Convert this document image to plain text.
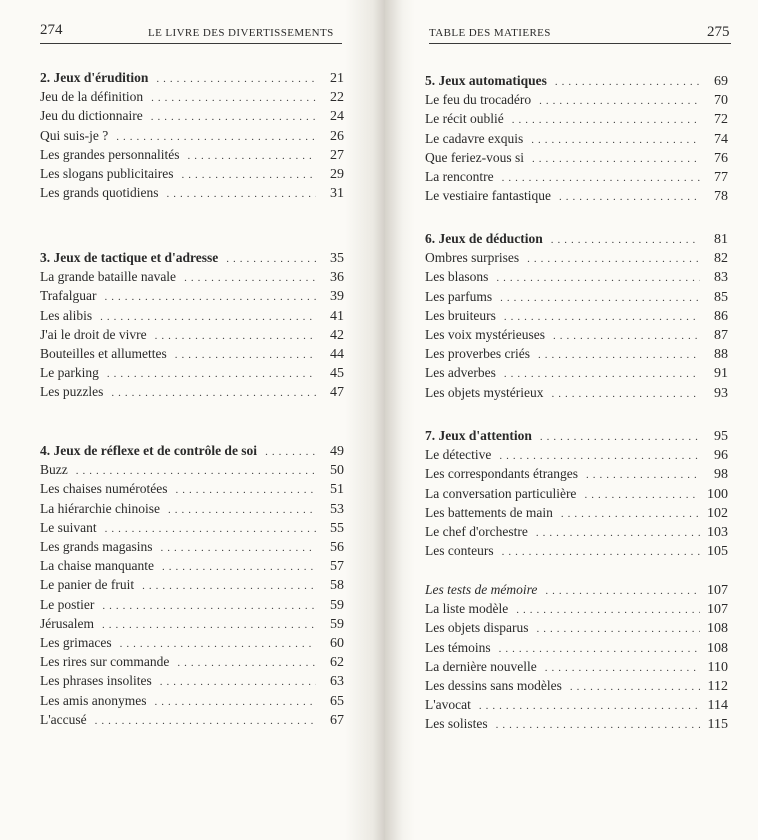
274	LE LIVRE DES DIVERTISSEMENTS
2. Jeux d'érudition .....	21
Jeu de la définition .....	22
Jeu du dictionnaire .....	24
Qui suis-je ? .....	26
Les grandes personnalités .....	27
Les slogans publicitaires .....	29
Les grands quotidiens .....	31
3. Jeux de tactique et d'adresse .....	35
La grande bataille navale .....	36
Trafalguar .....	39
Les alibis .....	41
J'ai le droit de vivre .....	42
Bouteilles et allumettes .....	44
Le parking .....	45
Les puzzles .....	47
4. Jeux de réflexe et de contrôle de soi .....	49
Buzz .....	50
Les chaises numérotées .....	51
La hiérarchie chinoise .....	53
Le suivant .....	55
Les grands magasins .....	56
La chaise manquante .....	57
Le panier de fruit .....	58
Le postier .....	59
Jérusalem .....	59
Les grimaces .....	60
Les rires sur commande .....	62
Les phrases insolites .....	63
Les amis anonymes .....	65
L'accusé .....	67
TABLE DES MATIERES	275
5. Jeux automatiques .....	69
Le feu du trocadéro .....	70
Le récit oublié .....	72
Le cadavre exquis .....	74
Que feriez-vous si .....	76
La rencontre .....	77
Le vestiaire fantastique .....	78
6. Jeux de déduction .....	81
Ombres surprises .....	82
Les blasons .....	83
Les parfums .....	85
Les bruiteurs .....	86
Les voix mystérieuses .....	87
Les proverbes criés .....	88
Les adverbes .....	91
Les objets mystérieux .....	93
7. Jeux d'attention .....	95
Le détective .....	96
Les correspondants étranges .....	98
La conversation particulière .....	100
Les battements de main .....	102
Le chef d'orchestre .....	103
Les conteurs .....	105
Les tests de mémoire .....	107
La liste modèle .....	107
Les objets disparus .....	108
Les témoins .....	108
La dernière nouvelle .....	110
Les dessins sans modèles .....	112
L'avocat .....	114
Les solistes .....	115
